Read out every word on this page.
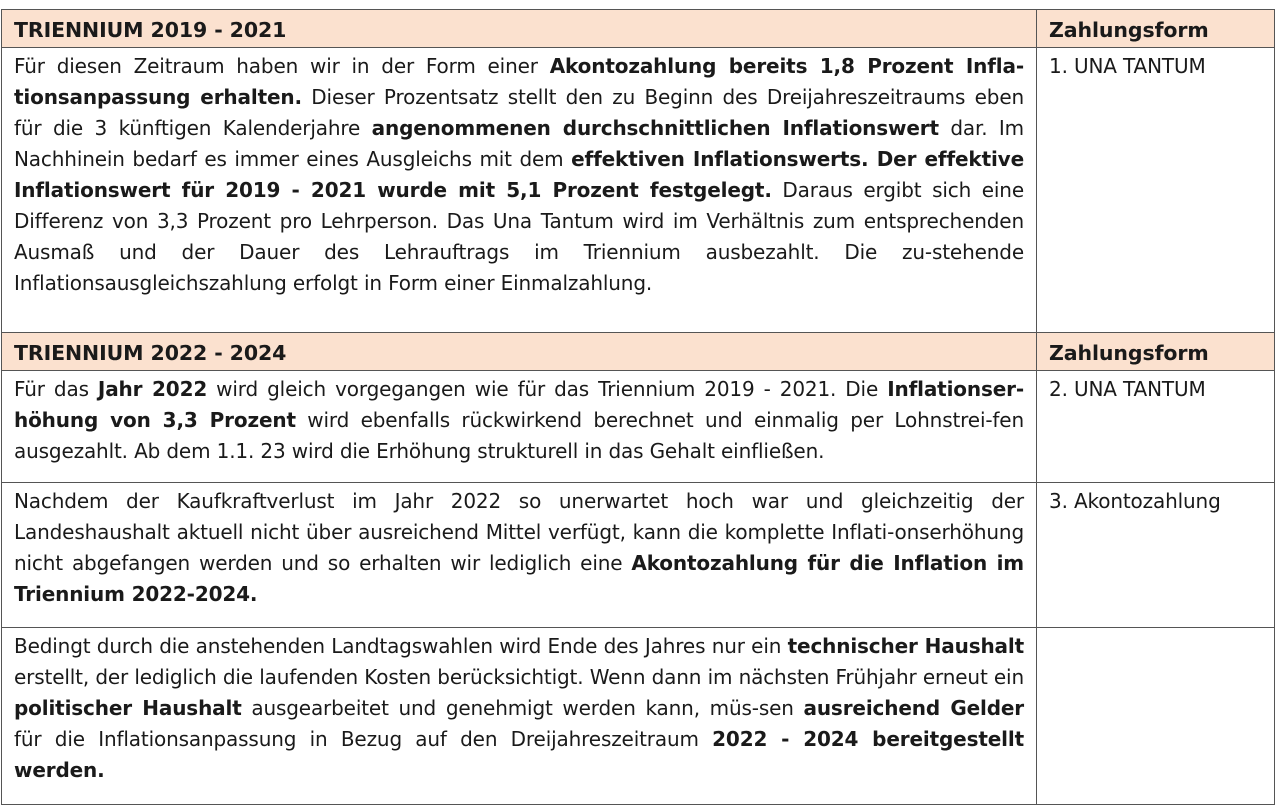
TRIENNIUM 2019 - 2021	Zahlungsform
Für diesen Zeitraum haben wir in der Form einer Akontozahlung bereits 1,8 Prozent Infla-tionsanpassung erhalten. Dieser Prozentsatz stellt den zu Beginn des Dreijahreszeitraums eben für die 3 künftigen Kalenderjahre angenommenen durchschnittlichen Inflationswert dar. Im Nachhinein bedarf es immer eines Ausgleichs mit dem effektiven Inflationswerts. Der effektive Inflationswert für 2019 - 2021 wurde mit 5,1 Prozent festgelegt. Daraus ergibt sich eine Differenz von 3,3 Prozent pro Lehrperson. Das Una Tantum wird im Verhältnis zum entsprechenden Ausmaß und der Dauer des Lehrauftrags im Triennium ausbezahlt. Die zu-stehende Inflationsausgleichszahlung erfolgt in Form einer Einmalzahlung.	1. UNA TANTUM
TRIENNIUM 2022 - 2024	Zahlungsform
Für das Jahr 2022 wird gleich vorgegangen wie für das Triennium 2019 - 2021. Die Inflationser-höhung von 3,3 Prozent wird ebenfalls rückwirkend berechnet und einmalig per Lohnstrei-fen ausgezahlt. Ab dem 1.1. 23 wird die Erhöhung strukturell in das Gehalt einfließen.	2. UNA TANTUM
Nachdem der Kaufkraftverlust im Jahr 2022 so unerwartet hoch war und gleichzeitig der Landeshaushalt aktuell nicht über ausreichend Mittel verfügt, kann die komplette Inflati-onserhöhung nicht abgefangen werden und so erhalten wir lediglich eine Akontozahlung für die Inflation im Triennium 2022-2024.	3. Akontozahlung
Bedingt durch die anstehenden Landtagswahlen wird Ende des Jahres nur ein technischer Haushalt erstellt, der lediglich die laufenden Kosten berücksichtigt. Wenn dann im nächsten Frühjahr erneut ein politischer Haushalt ausgearbeitet und genehmigt werden kann, müs-sen ausreichend Gelder für die Inflationsanpassung in Bezug auf den Dreijahreszeitraum 2022 - 2024 bereitgestellt werden.	
